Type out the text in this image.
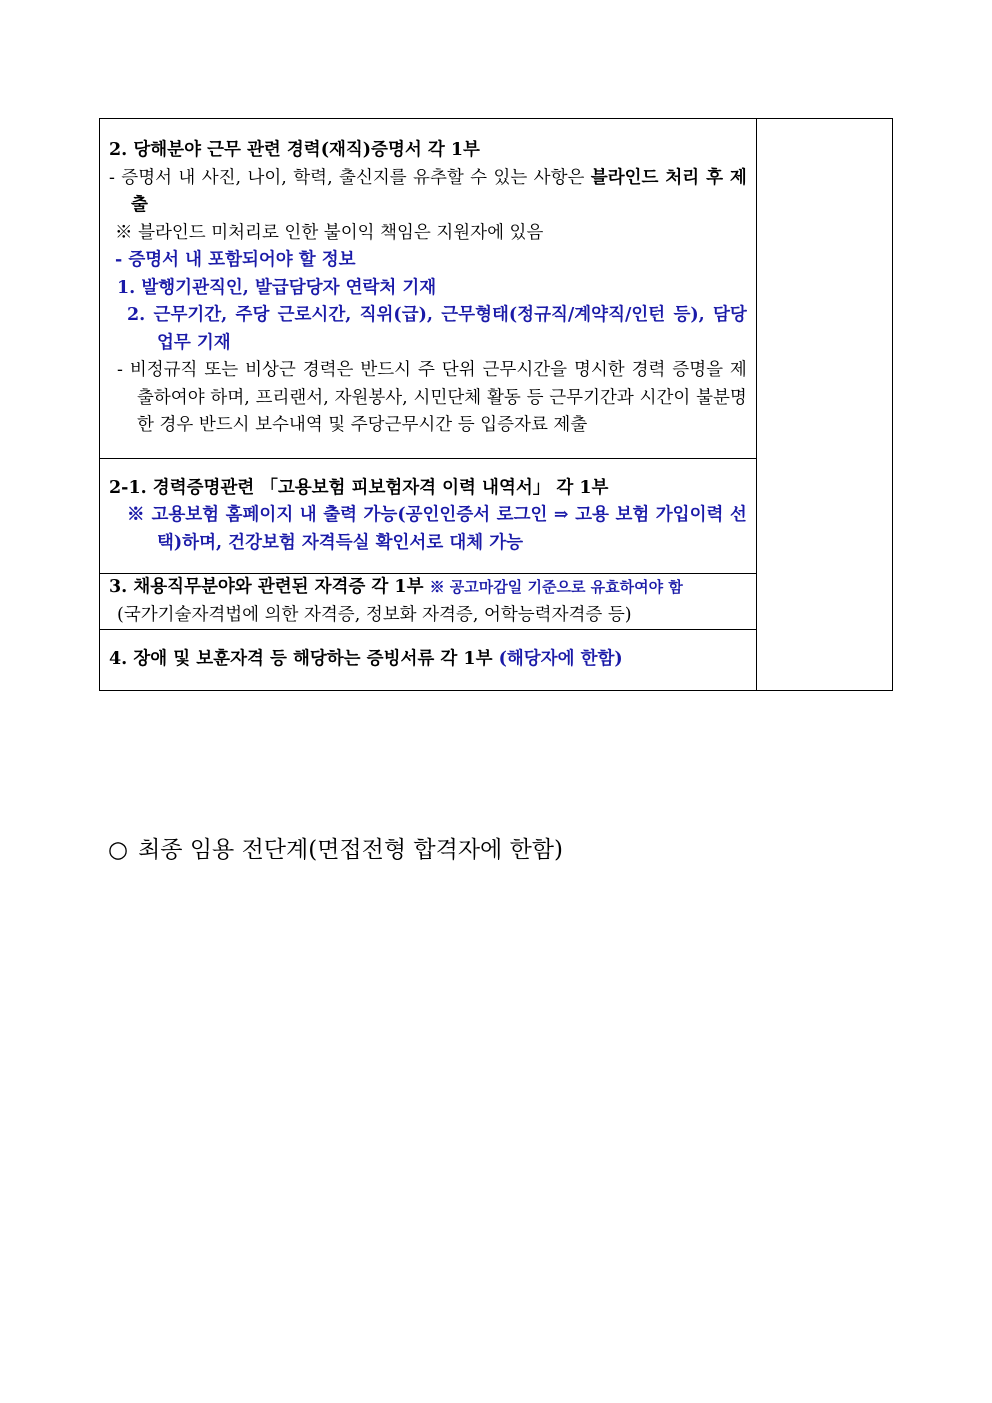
2. 당해분야 근무 관련 경력(재직)증명서 각 1부

- 증명서 내 사진, 나이, 학력, 출신지를 유추할 수 있는 사항은 블라인드 처리 후 제출

※ 블라인드 미처리로 인한 불이익 책임은 지원자에 있음

- 증명서 내 포함되어야 할 정보

1. 발행기관직인, 발급담당자 연락처 기재

2. 근무기간, 주당 근로시간, 직위(급), 근무형태(정규직/계약직/인턴 등), 담당업무 기재

- 비정규직 또는 비상근 경력은 반드시 주 단위 근무시간을 명시한 경력 증명을 제출하여야 하며, 프리랜서, 자원봉사, 시민단체 활동 등 근무기간과 시간이 불분명한 경우 반드시 보수내역 및 주당근무시간 등 입증자료 제출

2-1. 경력증명관련 「고용보험 피보험자격 이력 내역서」 각 1부

※ 고용보험 홈페이지 내 출력 가능(공인인증서 로그인 ⇒ 고용 보험 가입이력 선택)하며, 건강보험 자격득실 확인서로 대체 가능

3. 채용직무분야와 관련된 자격증 각 1부 ※ 공고마감일 기준으로 유효하여야 함

(국가기술자격법에 의한 자격증, 정보화 자격증, 어학능력자격증 등)

4. 장애 및 보훈자격 등 해당하는 증빙서류 각 1부 (해당자에 한함)

○ 최종 임용 전단계(면접전형 합격자에 한함)
